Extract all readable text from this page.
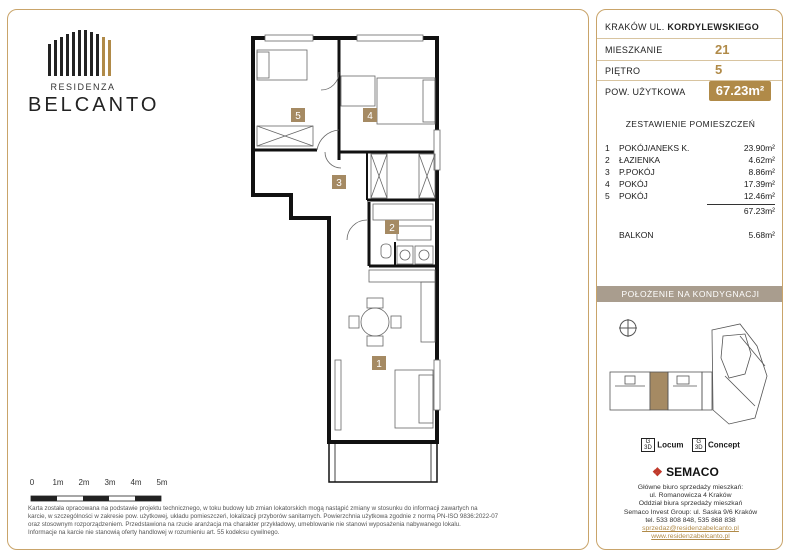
KRAKÓW UL. KORDYLEWSKIEGO
MIESZKANIE	21
PIĘTRO	5
POW. UŻYTKOWA	67.23m²
ZESTAWIENIE POMIESZCZEŃ
1 POKÓJ/ANEKS K.	23.90m²
2 ŁAZIENKA	4.62m²
3 P.POKÓJ	8.86m²
4 POKÓJ	17.39m²
5 POKÓJ	12.46m²
67.23m²
BALKON	5.68m²
POŁOŻENIE NA KONDYGNACJI
G
3D Locum G
3D Concept
❖ SEMACO
Główne biuro sprzedaży mieszkań:
ul. Romanowicza 4 Kraków
Oddział biura sprzedaży mieszkań
Semaco Invest Group: ul. Saska 9/6 Kraków
tel. 533 808 848, 535 868 838
sprzedaz@residenzabelcanto.pl
www.residenzabelcanto.pl
RESIDENZA
BELCANTO
5	4
3
2
1
0 1m 2m 3m 4m 5m
Karta została opracowana na podstawie projektu technicznego, w toku budowy lub zmian lokatorskich mogą nastąpić zmiany w stosunku do informacji zawartych na
karcie, w szczególności w zakresie pow. użytkowej, układu pomieszczeń, lokalizacji przyborów sanitarnych. Powierzchnia użytkowa zgodnie z normą PN-ISO 9836:2022-07
oraz stosownym rozporządzeniem. Przedstawiona na rzucie aranżacja ma charakter przykładowy, umeblowanie nie stanowi wyposażenia nabywanego lokalu.
Informacje na karcie nie stanowią oferty handlowej w rozumieniu art. 55 kodeksu cywilnego.
